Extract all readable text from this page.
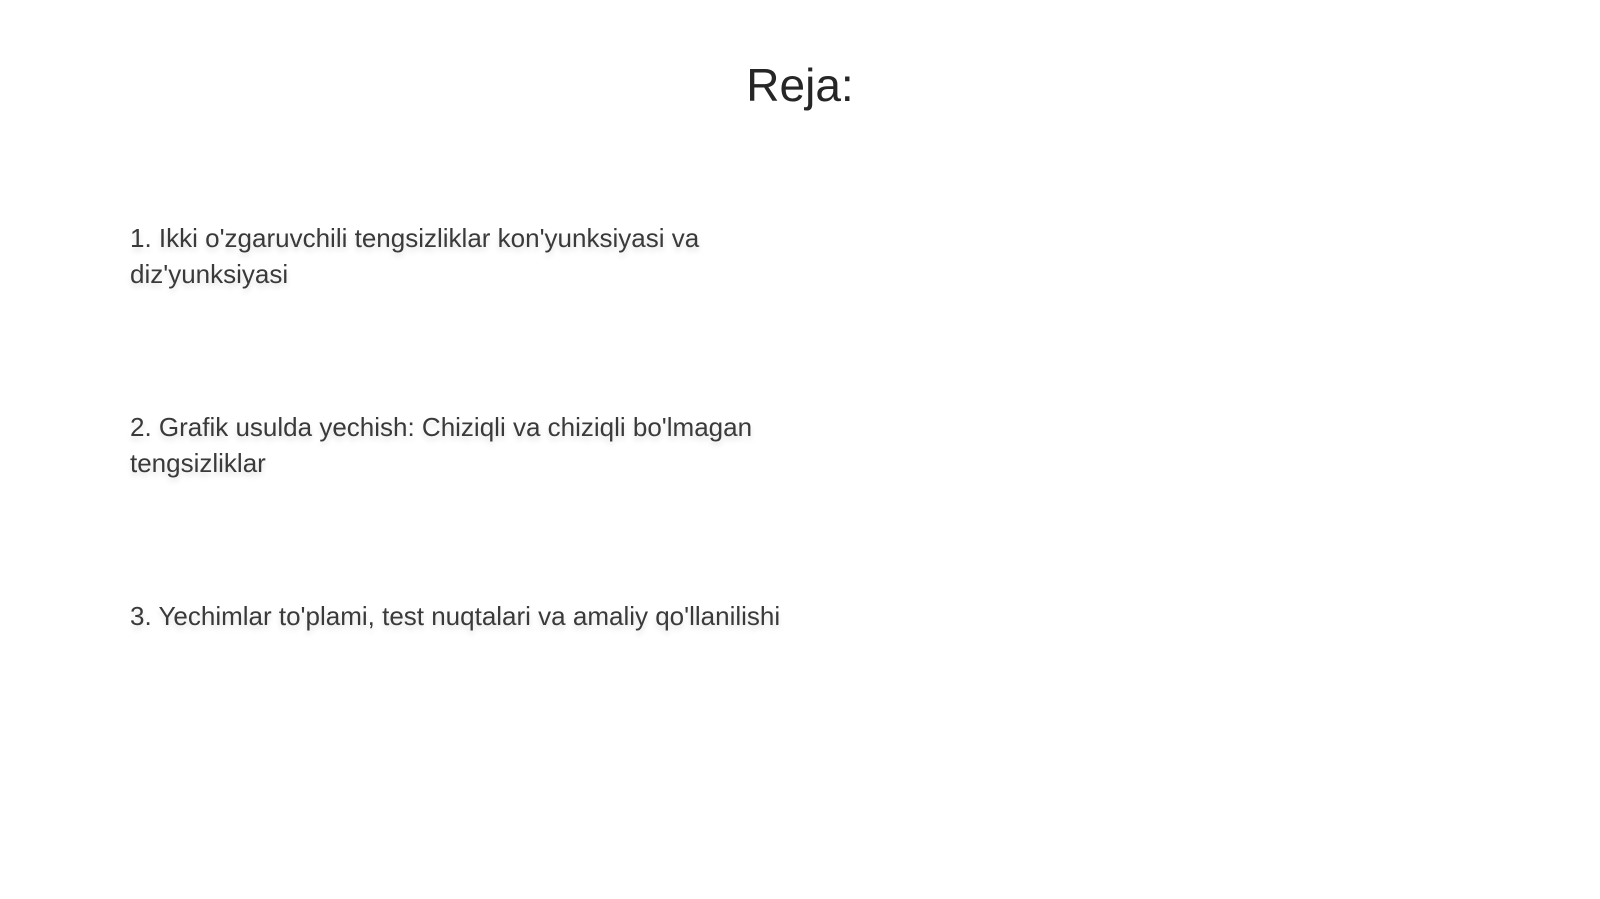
Reja:

1. Ikki o'zgaruvchili tengsizliklar kon'yunksiyasi va diz'yunksiyasi

2. Grafik usulda yechish: Chiziqli va chiziqli bo'lmagan tengsizliklar

3. Yechimlar to'plami, test nuqtalari va amaliy qo'llanilishi
